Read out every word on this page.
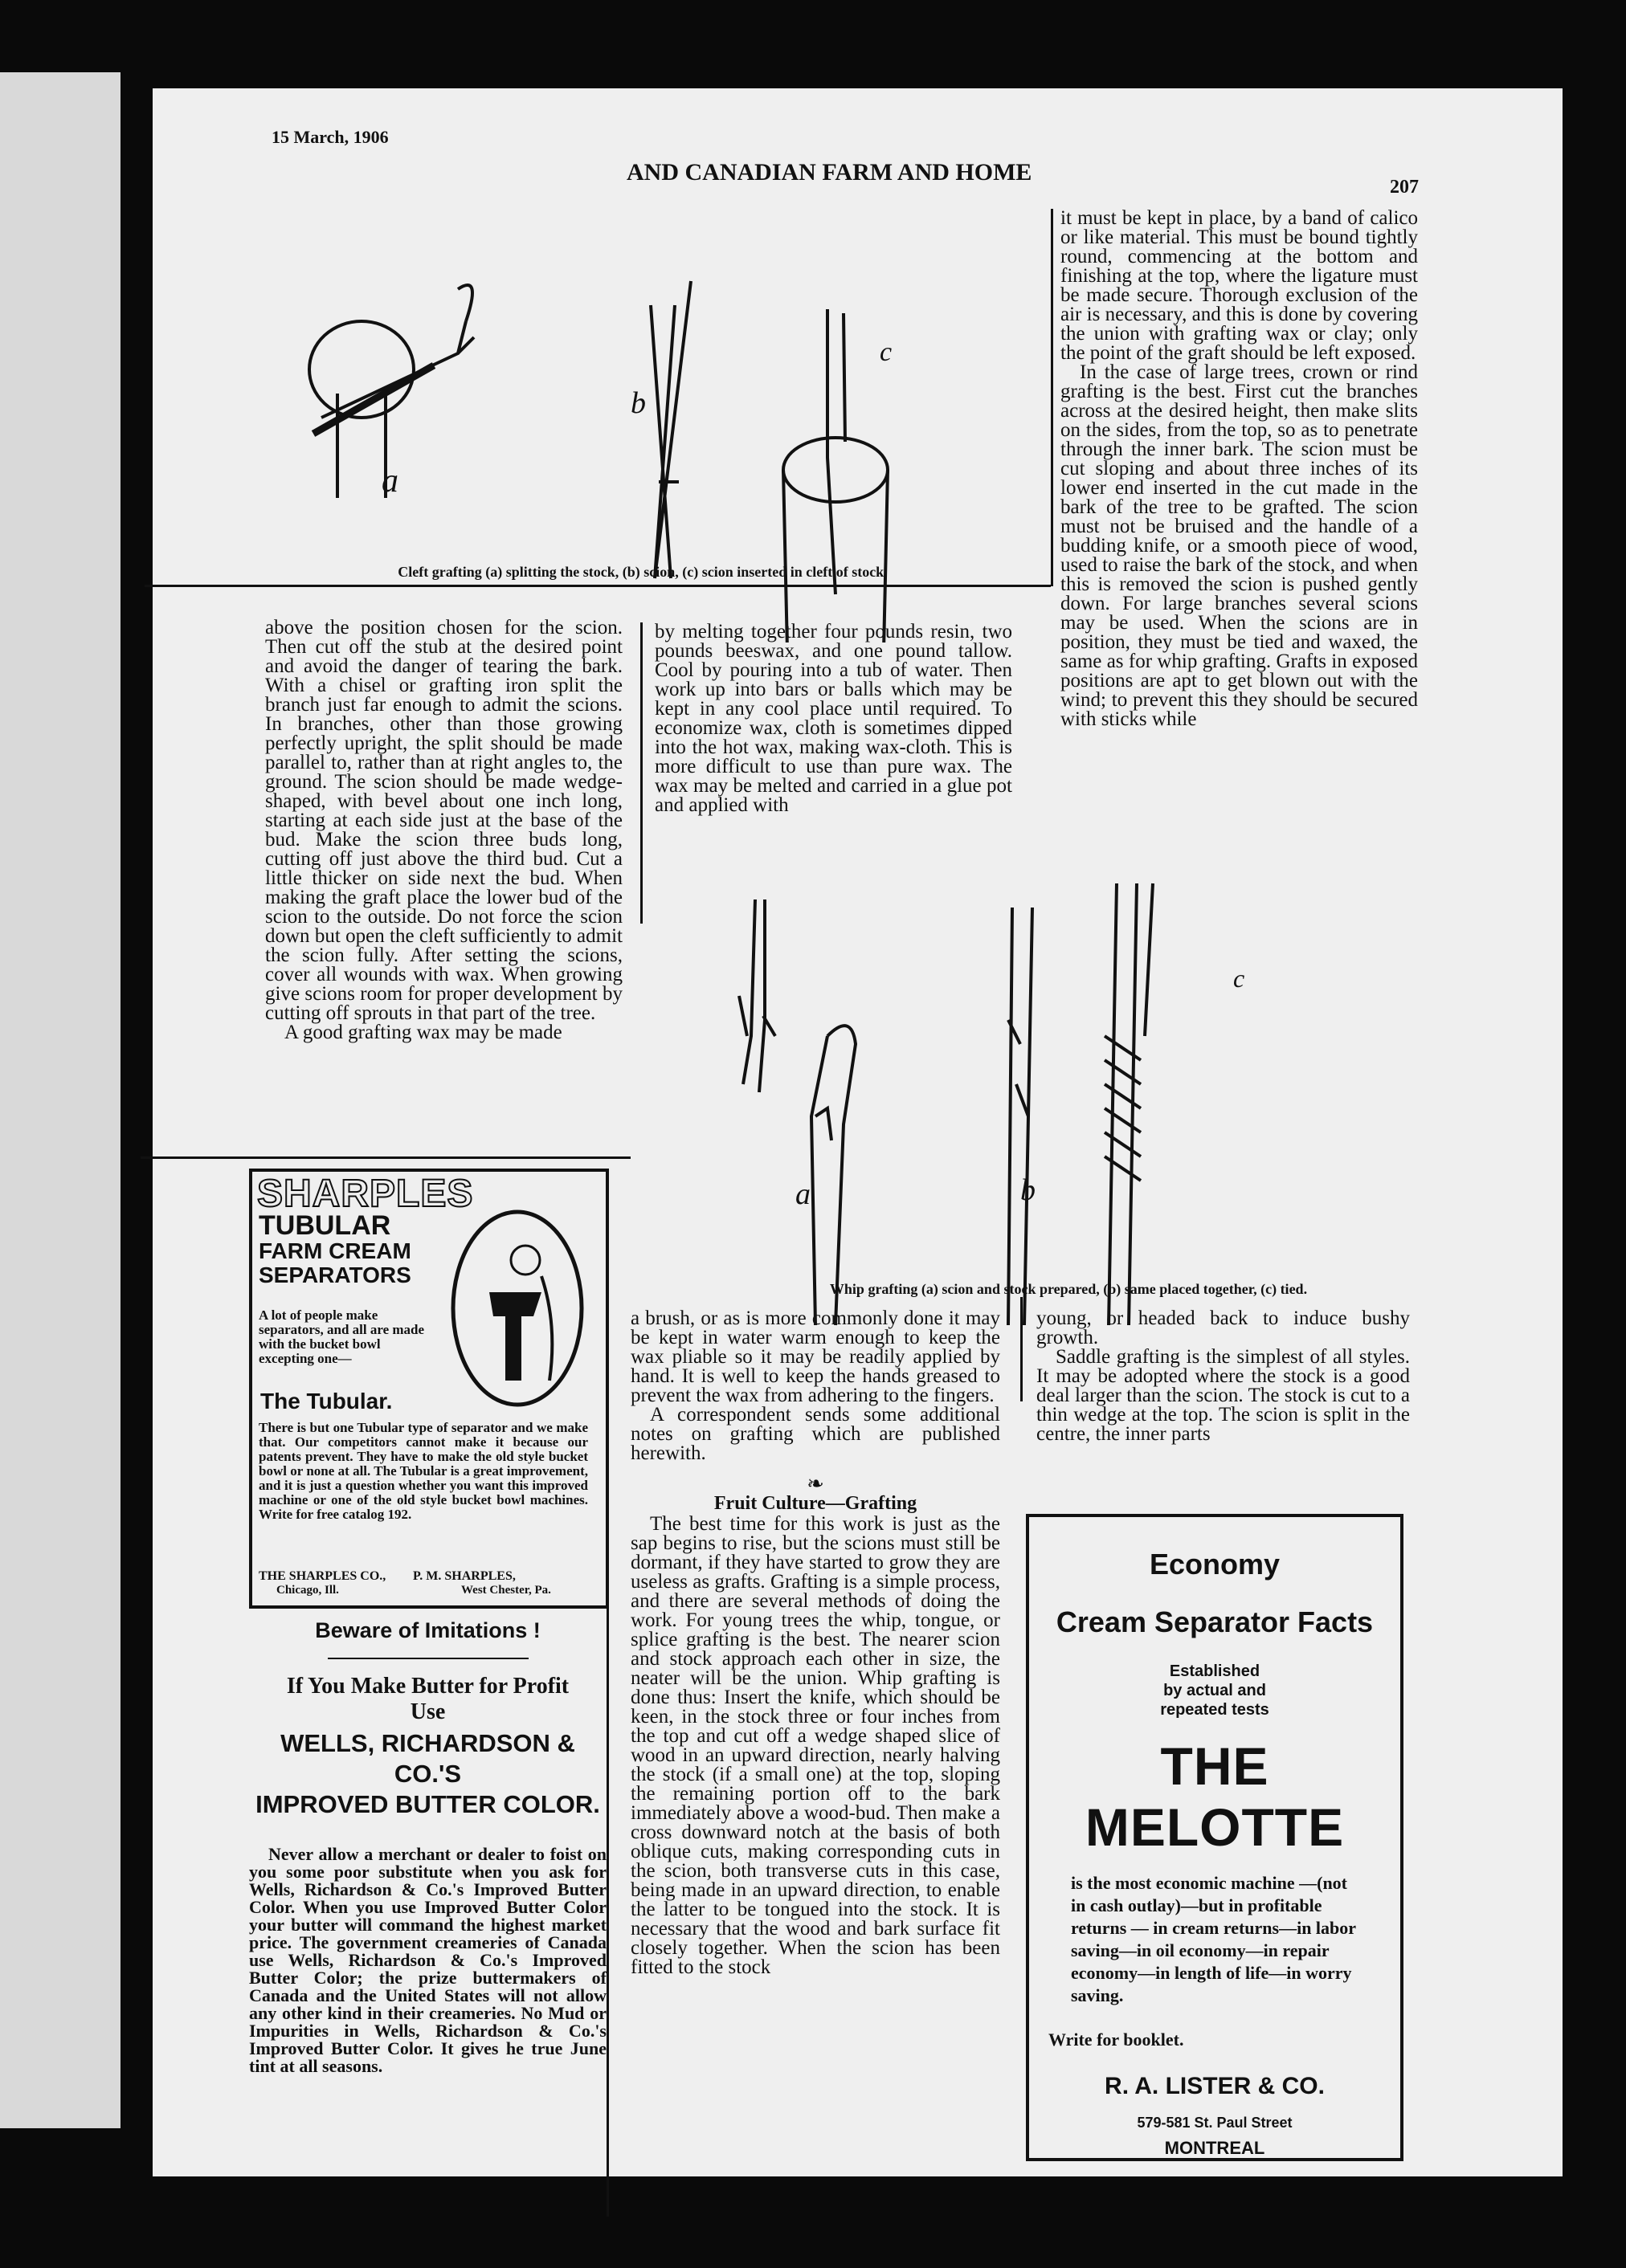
15 March, 1906
AND CANADIAN FARM AND HOME
207
a
b
c
Cleft grafting (a) splitting the stock, (b) scion, (c) scion inserted in cleft of stock.

above the position chosen for the scion. Then cut off the stub at the desired point and avoid the danger of tearing the bark. With a chisel or grafting iron split the branch just far enough to admit the scions. In branches, other than those growing perfectly upright, the split should be made parallel to, rather than at right angles to, the ground. The scion should be made wedge-shaped, with bevel about one inch long, starting at each side just at the base of the bud. Make the scion three buds long, cutting off just above the third bud. Cut a little thicker on side next the bud. When making the graft place the lower bud of the scion to the outside. Do not force the scion down but open the cleft sufficiently to admit the scion fully. After setting the scions, cover all wounds with wax. When growing give scions room for proper development by cutting off sprouts in that part of the tree.

A good grafting wax may be made

by melting together four pounds resin, two pounds beeswax, and one pound tallow. Cool by pouring into a tub of water. Then work up into bars or balls which may be kept in any cool place until required. To economize wax, cloth is sometimes dipped into the hot wax, making wax-cloth. This is more difficult to use than pure wax. The wax may be melted and carried in a glue pot and applied with

it must be kept in place, by a band of calico or like material. This must be bound tightly round, commencing at the bottom and finishing at the top, where the ligature must be made secure. Thorough exclusion of the air is necessary, and this is done by covering the union with grafting wax or clay; only the point of the graft should be left exposed.

In the case of large trees, crown or rind grafting is the best. First cut the branches across at the desired height, then make slits on the sides, from the top, so as to penetrate through the inner bark. The scion must be cut sloping and about three inches of its lower end inserted in the cut made in the bark of the tree to be grafted. The scion must not be bruised and the handle of a budding knife, or a smooth piece of wood, used to raise the bark of the stock, and when this is removed the scion is pushed gently down. For large branches several scions may be used. When the scions are in position, they must be tied and waxed, the same as for whip grafting. Grafts in exposed positions are apt to get blown out with the wind; to prevent this they should be secured with sticks while

a	b
c
Whip grafting (a) scion and stock prepared, (b) same placed together, (c) tied.

a brush, or as is more commonly done it may be kept in water warm enough to keep the wax pliable so it may be readily applied by hand. It is well to keep the hands greased to prevent the wax from adhering to the fingers.

A correspondent sends some additional notes on grafting which are published herewith.

❧
Fruit Culture—Grafting

The best time for this work is just as the sap begins to rise, but the scions must still be dormant, if they have started to grow they are useless as grafts. Grafting is a simple process, and there are several methods of doing the work. For young trees the whip, tongue, or splice grafting is the best. The nearer scion and stock approach each other in size, the neater will be the union. Whip grafting is done thus: Insert the knife, which should be keen, in the stock three or four inches from the top and cut off a wedge shaped slice of wood in an upward direction, nearly halving the stock (if a small one) at the top, sloping the remaining portion off to the bark immediately above a wood-bud. Then make a cross downward notch at the basis of both oblique cuts, making corresponding cuts in the scion, both transverse cuts in this case, being made in an upward direction, to enable the latter to be tongued into the stock. It is necessary that the wood and bark surface fit closely together. When the scion has been fitted to the stock

young, or headed back to induce bushy growth.

Saddle grafting is the simplest of all styles. It may be adopted where the stock is a good deal larger than the scion. The stock is cut to a thin wedge at the top. The scion is split in the centre, the inner parts

SHARPLES
TUBULAR
FARM CREAM
SEPARATORS
A lot of people make separators, and all are made with the bucket bowl excepting one—
The Tubular.
There is but one Tubular type of separator and we make that. Our competitors cannot make it because our patents prevent. They have to make the old style bucket bowl or none at all. The Tubular is a great improvement, and it is just a question whether you want this improved machine or one of the old style bucket bowl machines. Write for free catalog 192.
THE SHARPLES CO.,
Chicago, Ill.
P. M. SHARPLES,
West Chester, Pa.
Beware of Imitations !
If You Make Butter for Profit
Use
WELLS, RICHARDSON & CO.'S
IMPROVED BUTTER COLOR.
Never allow a merchant or dealer to foist on you some poor substitute when you ask for Wells, Richardson & Co.'s Improved Butter Color. When you use Improved Butter Color your butter will command the highest market price. The government creameries of Canada use Wells, Richardson & Co.'s Improved Butter Color; the prize buttermakers of Canada and the United States will not allow any other kind in their creameries. No Mud or Impurities in Wells, Richardson & Co.'s Improved Butter Color. It gives he true June tint at all seasons.
Economy
Cream Separator Facts
Established
by actual and
repeated tests
THE MELOTTE
is the most economic machine —(not in cash outlay)—but in profitable returns — in cream returns—in labor saving—in oil economy—in repair economy—in length of life—in worry saving.
Write for booklet.
R. A. LISTER & CO.
579-581 St. Paul Street
MONTREAL
